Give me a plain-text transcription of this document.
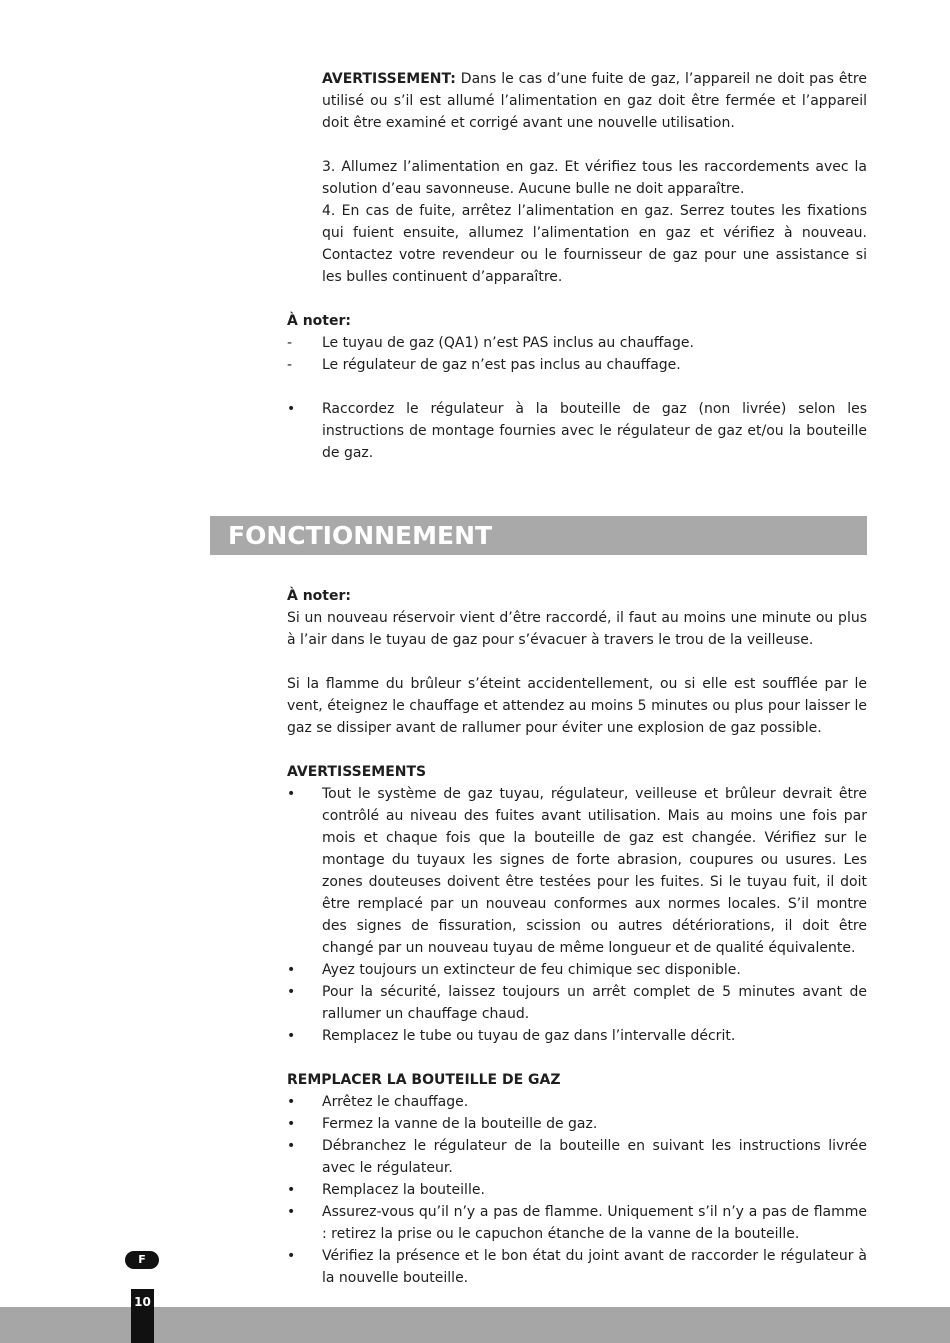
AVERTISSEMENT: Dans le cas d’une fuite de gaz, l’appareil ne doit pas être utilisé ou s’il est allumé l’alimentation en gaz doit être fermée et l’appareil doit être examiné et corrigé avant une nouvelle utilisation.

3. Allumez l’alimentation en gaz. Et vérifiez tous les raccordements avec la solution d’eau savonneuse. Aucune bulle ne doit apparaître.

4. En cas de fuite, arrêtez l’alimentation en gaz. Serrez toutes les fixations qui fuient ensuite, allumez l’alimentation en gaz et vérifiez à nouveau. Contactez votre revendeur ou le fournisseur de gaz pour une assistance si les bulles continuent d’apparaître.

À noter:

- Le tuyau de gaz (QA1) n’est PAS inclus au chauffage.
- Le régulateur de gaz n’est pas inclus au chauffage.
• Raccordez le régulateur à la bouteille de gaz (non livrée) selon les instructions de montage fournies avec le régulateur de gaz et/ou la bouteille de gaz.
FONCTIONNEMENT

À noter:

Si un nouveau réservoir vient d’être raccordé, il faut au moins une minute ou plus à l’air dans le tuyau de gaz pour s’évacuer à travers le trou de la veilleuse.

Si la flamme du brûleur s’éteint accidentellement, ou si elle est soufflée par le vent, éteignez le chauffage et attendez au moins 5 minutes ou plus pour laisser le gaz se dissiper avant de rallumer pour éviter une explosion de gaz possible.

AVERTISSEMENTS

• Tout le système de gaz tuyau, régulateur, veilleuse et brûleur devrait être contrôlé au niveau des fuites avant utilisation. Mais au moins une fois par mois et chaque fois que la bouteille de gaz est changée. Vérifiez sur le montage du tuyaux les signes de forte abrasion, coupures ou usures. Les zones douteuses doivent être testées pour les fuites. Si le tuyau fuit, il doit être remplacé par un nouveau conformes aux normes locales. S’il montre des signes de fissuration, scission ou autres détériorations, il doit être changé par un nouveau tuyau de même longueur et de qualité équivalente.
• Ayez toujours un extincteur de feu chimique sec disponible.
• Pour la sécurité, laissez toujours un arrêt complet de 5 minutes avant de rallumer un chauffage chaud.
• Remplacez le tube ou tuyau de gaz dans l’intervalle décrit.

REMPLACER LA BOUTEILLE DE GAZ

• Arrêtez le chauffage.
• Fermez la vanne de la bouteille de gaz.
• Débranchez le régulateur de la bouteille en suivant les instructions livrée avec le régulateur.
• Remplacez la bouteille.
• Assurez-vous qu’il n’y a pas de flamme. Uniquement s’il n’y a pas de flamme : retirez la prise ou le capuchon étanche de la vanne de la bouteille.
• Vérifiez la présence et le bon état du joint avant de raccorder le régulateur à la nouvelle bouteille.
F
10
